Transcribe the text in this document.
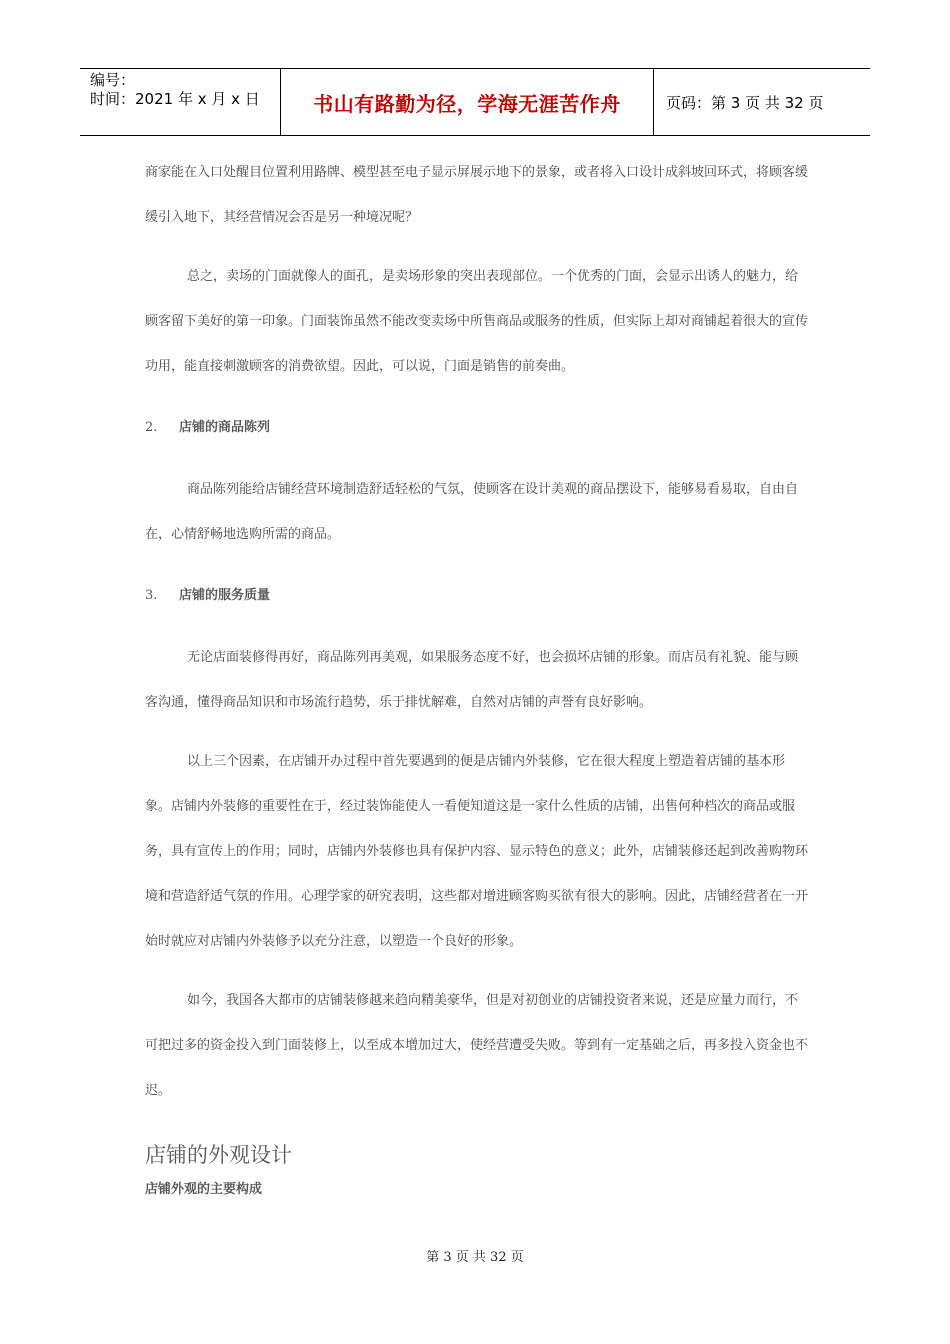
编号：
时间：2021 年 x 月 x 日	书山有路勤为径，学海无涯苦作舟	页码：第 3 页 共 32 页

商家能在入口处醒目位置利用路牌、模型甚至电子显示屏展示地下的景象，或者将入口设计成斜坡回环式，将顾客缓缓引入地下，其经营情况会否是另一种境况呢？

总之，卖场的门面就像人的面孔，是卖场形象的突出表现部位。一个优秀的门面，会显示出诱人的魅力，给顾客留下美好的第一印象。门面装饰虽然不能改变卖场中所售商品或服务的性质，但实际上却对商铺起着很大的宣传功用，能直接刺激顾客的消费欲望。因此，可以说，门面是销售的前奏曲。

2. 店铺的商品陈列

商品陈列能给店铺经营环境制造舒适轻松的气氛，使顾客在设计美观的商品摆设下，能够易看易取，自由自在，心情舒畅地选购所需的商品。

3. 店铺的服务质量

无论店面装修得再好，商品陈列再美观，如果服务态度不好，也会损坏店铺的形象。而店员有礼貌、能与顾客沟通，懂得商品知识和市场流行趋势，乐于排忧解难，自然对店铺的声誉有良好影响。

以上三个因素，在店铺开办过程中首先要遇到的便是店铺内外装修，它在很大程度上塑造着店铺的基本形象。店铺内外装修的重要性在于，经过装饰能使人一看便知道这是一家什么性质的店铺，出售何种档次的商品或服务，具有宣传上的作用；同时，店铺内外装修也具有保护内容、显示特色的意义；此外，店铺装修还起到改善购物环境和营造舒适气氛的作用。心理学家的研究表明，这些都对增进顾客购买欲有很大的影响。因此，店铺经营者在一开始时就应对店铺内外装修予以充分注意，以塑造一个良好的形象。

如今，我国各大都市的店铺装修越来趋向精美豪华，但是对初创业的店铺投资者来说，还是应量力而行，不可把过多的资金投入到门面装修上，以至成本增加过大，使经营遭受失败。等到有一定基础之后，再多投入资金也不迟。

店铺的外观设计

店铺外观的主要构成

第 3 页 共 32 页
